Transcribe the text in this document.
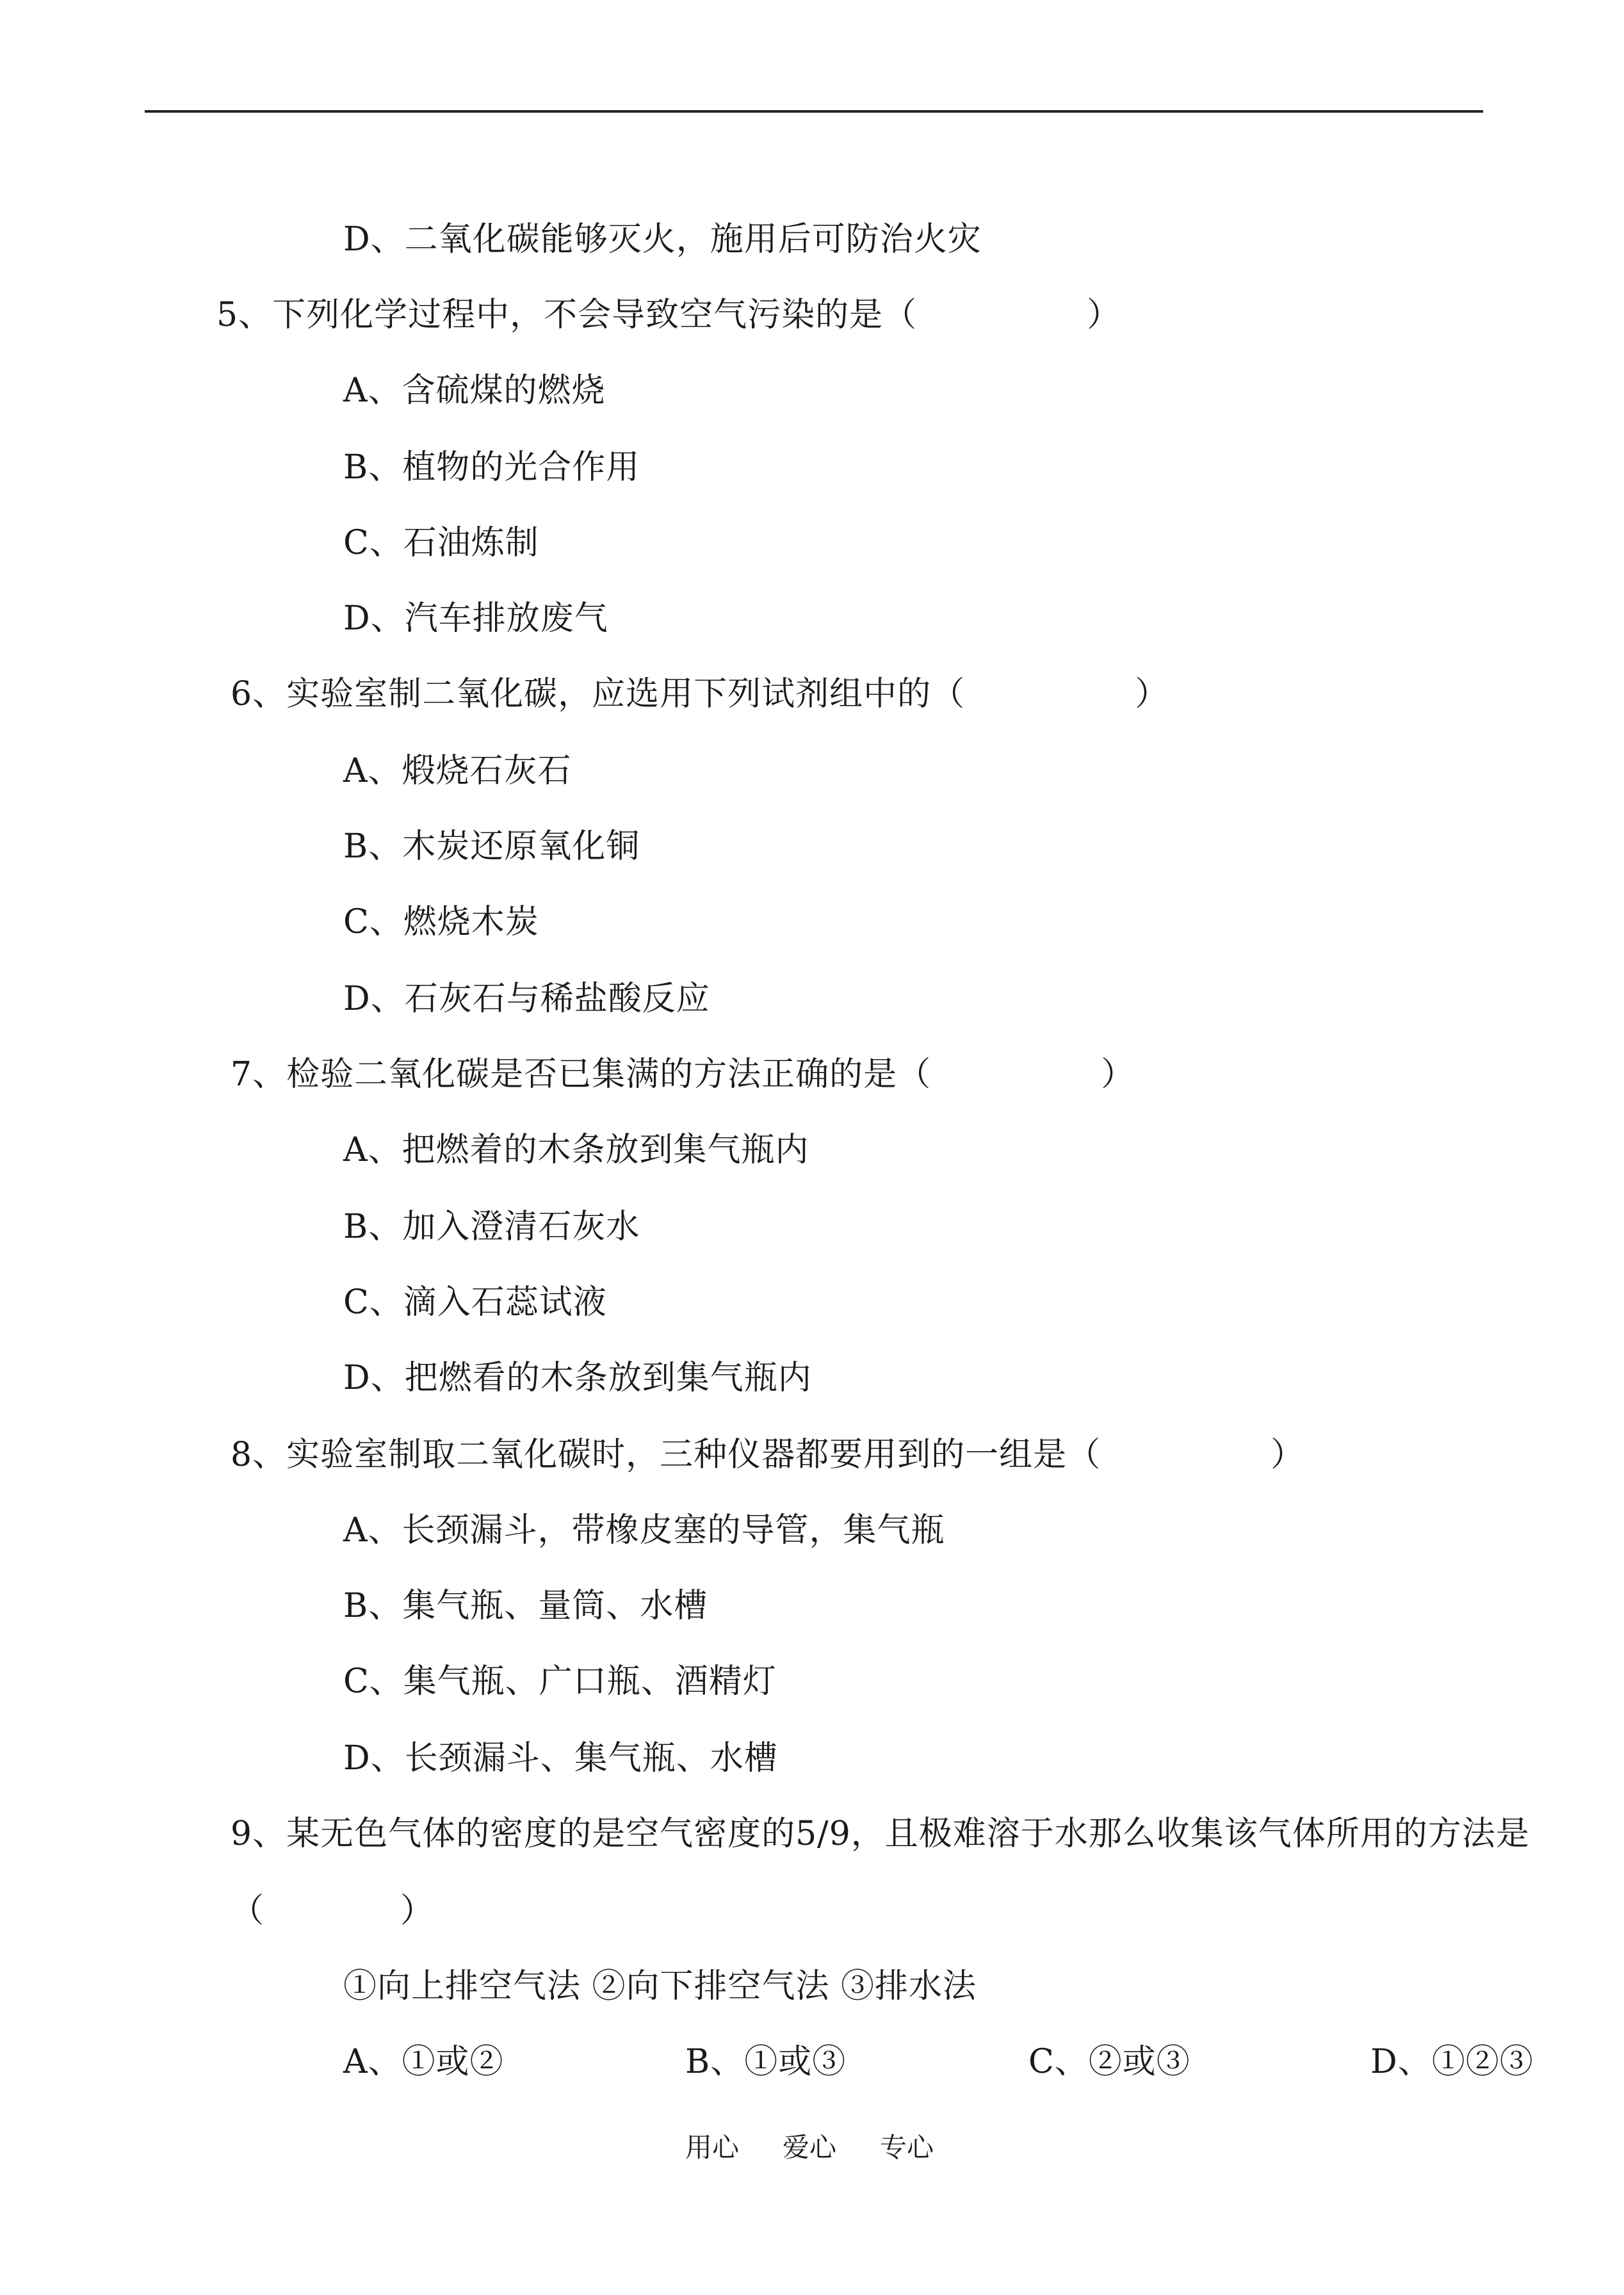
D、二氧化碳能够灭火，施用后可防治火灾
5、下列化学过程中，不会导致空气污染的是（　　　　　）
A、含硫煤的燃烧
B、植物的光合作用
C、石油炼制
D、汽车排放废气
6、实验室制二氧化碳，应选用下列试剂组中的（　　　　　）
A、煅烧石灰石
B、木炭还原氧化铜
C、燃烧木炭
D、石灰石与稀盐酸反应
7、检验二氧化碳是否已集满的方法正确的是（　　　　　）
A、把燃着的木条放到集气瓶内
B、加入澄清石灰水
C、滴入石蕊试液
D、把燃看的木条放到集气瓶内
8、实验室制取二氧化碳时，三种仪器都要用到的一组是（　　　　　）
A、长颈漏斗，带橡皮塞的导管，集气瓶
B、集气瓶、量筒、水槽
C、集气瓶、广口瓶、酒精灯
D、长颈漏斗、集气瓶、水槽
9、某无色气体的密度的是空气密度的5/9，且极难溶于水那么收集该气体所用的方法是
（　　　　）
①向上排空气法 ②向下排空气法 ③排水法
A、①或②	B、①或③	C、②或③	D、①②③
用心 爱心 专心
